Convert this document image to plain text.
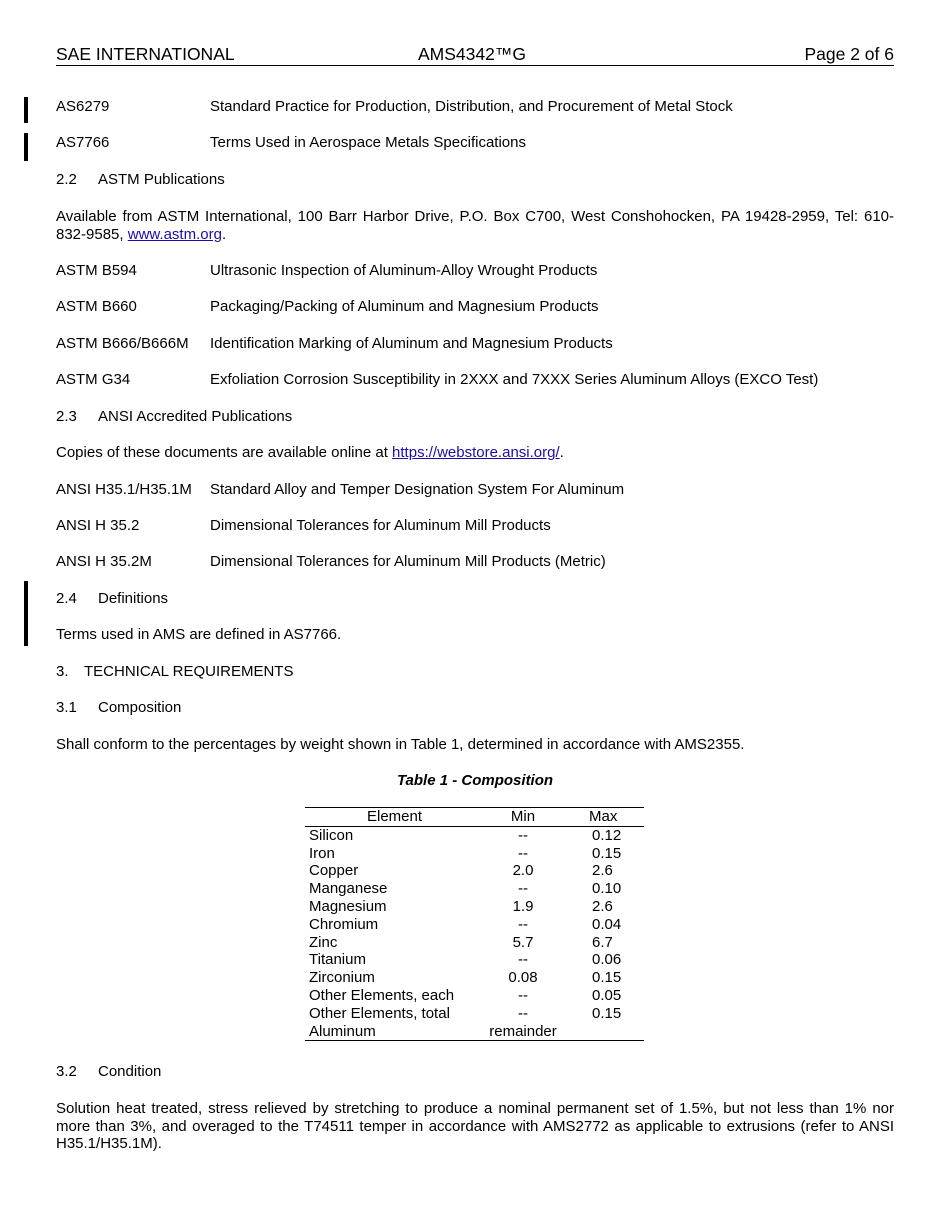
SAE INTERNATIONAL	AMS4342™G	Page 2 of 6
AS6279	Standard Practice for Production, Distribution, and Procurement of Metal Stock
AS7766	Terms Used in Aerospace Metals Specifications
2.2 ASTM Publications
Available from ASTM International, 100 Barr Harbor Drive, P.O. Box C700, West Conshohocken, PA 19428-2959, Tel: 610-832-9585, www.astm.org.
ASTM B594	Ultrasonic Inspection of Aluminum-Alloy Wrought Products
ASTM B660	Packaging/Packing of Aluminum and Magnesium Products
ASTM B666/B666M Identification Marking of Aluminum and Magnesium Products
ASTM G34	Exfoliation Corrosion Susceptibility in 2XXX and 7XXX Series Aluminum Alloys (EXCO Test)
2.3 ANSI Accredited Publications
Copies of these documents are available online at https://webstore.ansi.org/.
ANSI H35.1/H35.1M Standard Alloy and Temper Designation System For Aluminum
ANSI H 35.2	Dimensional Tolerances for Aluminum Mill Products
ANSI H 35.2M	Dimensional Tolerances for Aluminum Mill Products (Metric)
2.4 Definitions
Terms used in AMS are defined in AS7766.
3. TECHNICAL REQUIREMENTS
3.1 Composition
Shall conform to the percentages by weight shown in Table 1, determined in accordance with AMS2355.
Table 1 - Composition
Element	Min	Max
Silicon	--	0.12
Iron	--	0.15
Copper	2.0	2.6
Manganese	--	0.10
Magnesium	1.9	2.6
Chromium	--	0.04
Zinc	5.7	6.7
Titanium	--	0.06
Zirconium	0.08	0.15
Other Elements, each	--	0.05
Other Elements, total	--	0.15
Aluminum	remainder
3.2 Condition
Solution heat treated, stress relieved by stretching to produce a nominal permanent set of 1.5%, but not less than 1% nor more than 3%, and overaged to the T74511 temper in accordance with AMS2772 as applicable to extrusions (refer to ANSI H35.1/H35.1M).
